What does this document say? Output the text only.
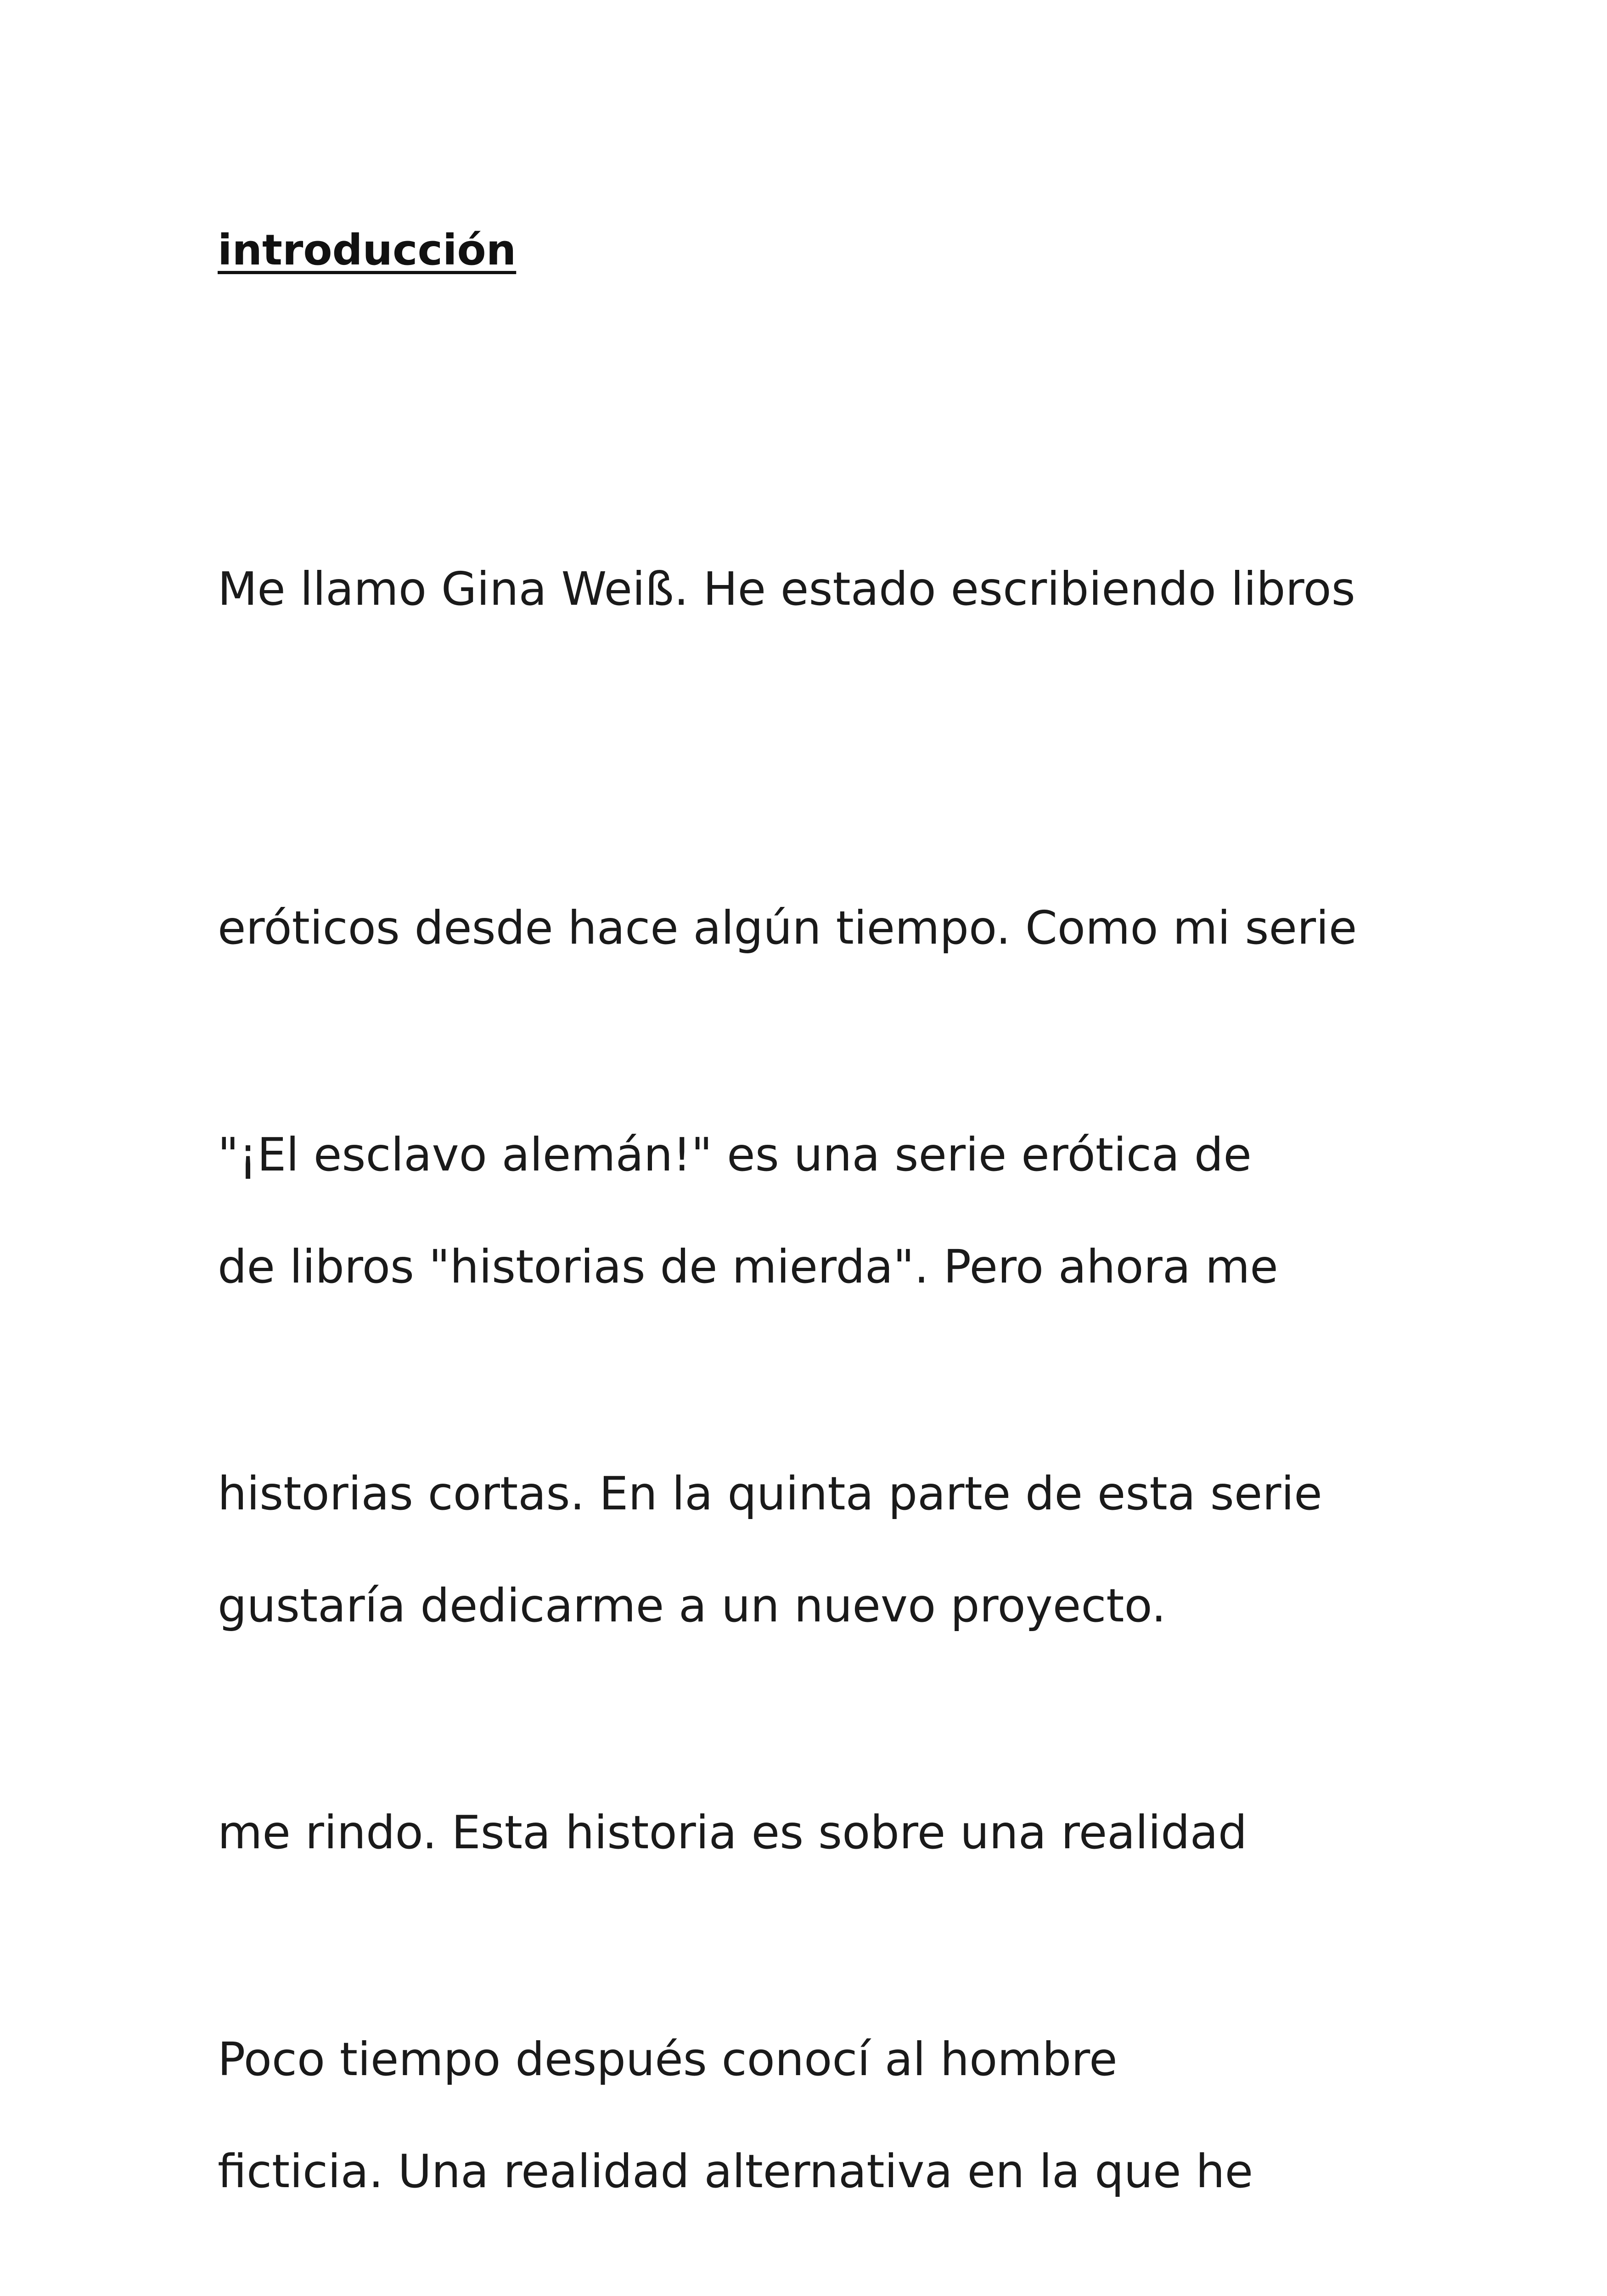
introducción

Me llamo Gina Weiß. He estado escribiendo libros

eróticos desde hace algún tiempo. Como mi serie

de libros "historias de mierda". Pero ahora me

gustaría dedicarme a un nuevo proyecto.

"¡El esclavo alemán!" es una serie erótica de

historias cortas. En la quinta parte de esta serie

me rindo. Esta historia es sobre una realidad

ficticia. Una realidad alternativa en la que he

Poco tiempo después conocí al hombre
